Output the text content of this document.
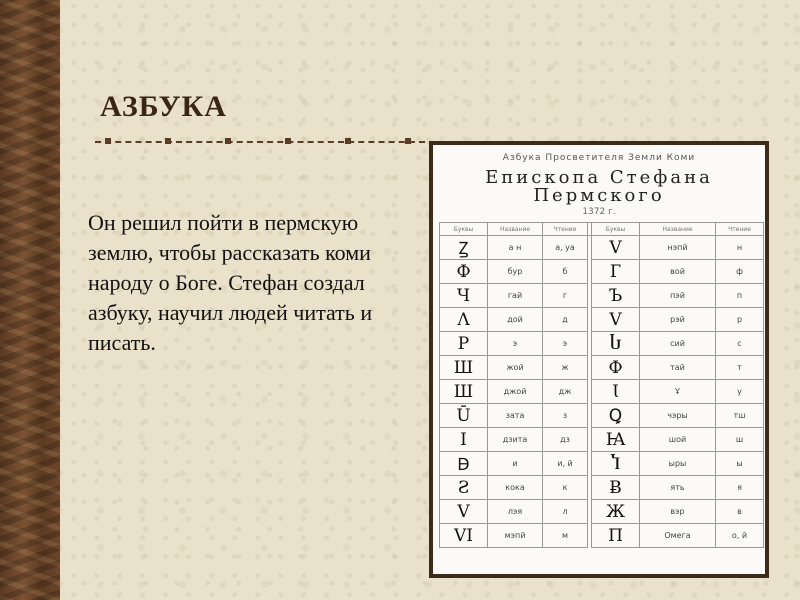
АЗБУКА
Он решил пойти в пермскую землю, чтобы рассказать коми народу о Боге. Стефан создал азбуку, научил людей читать и писать.
Азбука Просветителя Земли Коми
Епископа Стефана
Пермского
1372 г.
Буквы	Название	Чтение		Буквы	Название	Чтение
Ꙁ	а н	а, уа		V	нэпй	н
Ф	бур	б		Г	вой	ф
Ч	гай	г		Ъ	пэй	п
Λ	дой	д		V	рэй	р
Р	э	э		Ⴑ	сий	с
Ш	жой	ж		Ф	тай	т
Ш	джой	дж		Ꙇ	Ұ	у
Ū	зата	з		Ꝗ	чэры	тш
I	дзита	дз		Ꙗ	шой	ш
Ꟈ	и	и, й		Ⴈ	ыры	ы
Ꙅ	кока	к		Ƀ	ять	я
V	лэя	л		Ж	вэр	в
VI	мэпй	м		П	Омега	о, й
